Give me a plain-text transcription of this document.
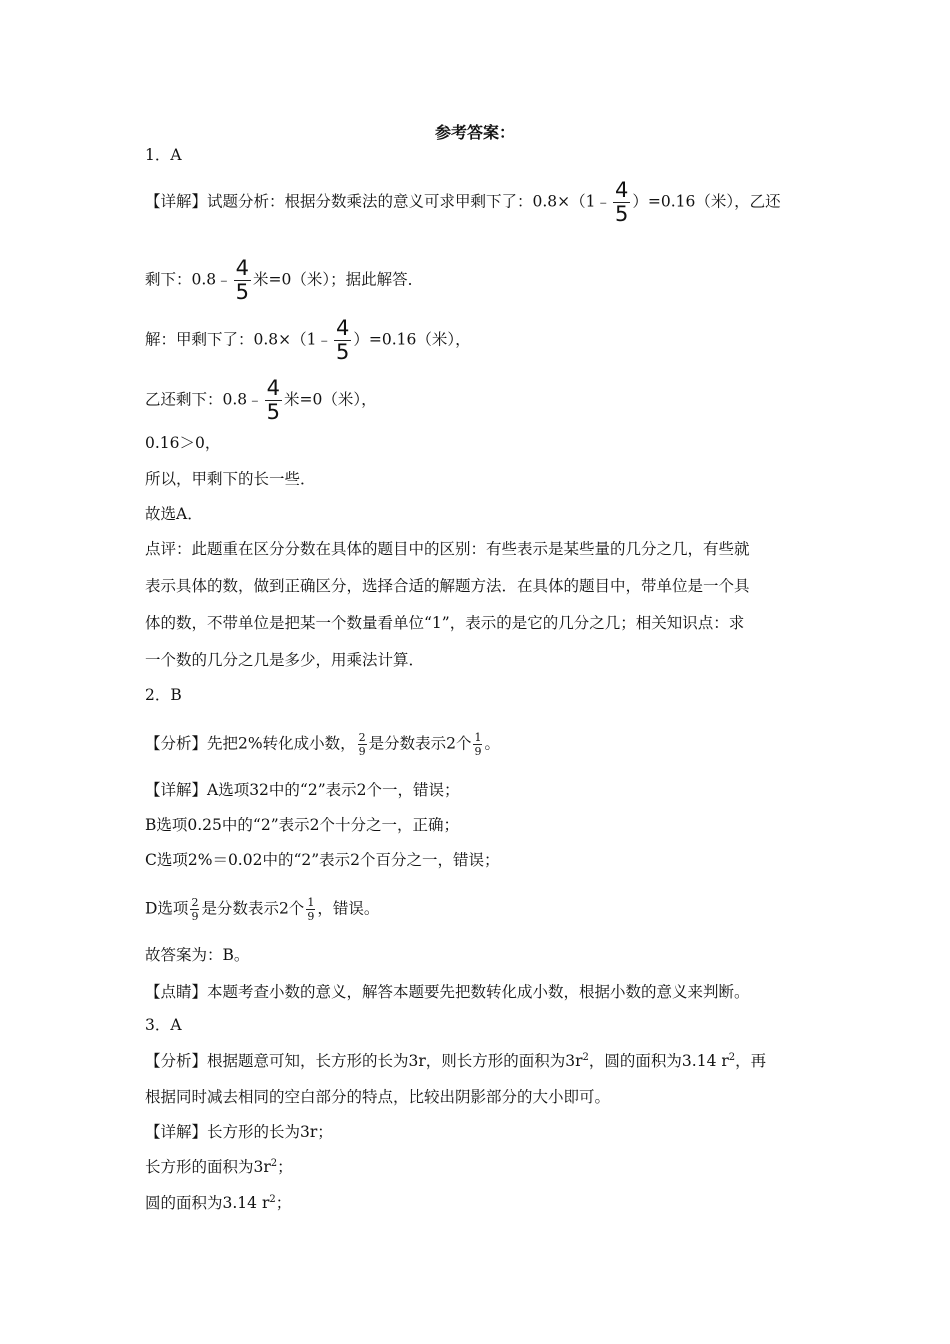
参考答案：
1．A
【详解】试题分析：根据分数乘法的意义可求甲剩下了：0.8×（1﹣ $\frac{4}{5} )=0.16$（米），乙还
剩下：0.8﹣ $\frac{4}{5}$ 米=0（米）；据此解答．
解：甲剩下了：0.8×（1﹣ $\frac{4}{5} )=0.16$（米），
乙还剩下：0.8﹣ $\frac{4}{5}$ 米=0（米），
0.16＞0，
所以，甲剩下的长一些．
故选A．
点评：此题重在区分分数在具体的题目中的区别：有些表示是某些量的几分之几，有些就
表示具体的数，做到正确区分，选择合适的解题方法．在具体的题目中，带单位是一个具
体的数，不带单位是把某一个数量看单位“1”，表示的是它的几分之几；相关知识点：求
一个数的几分之几是多少，用乘法计算．
2．B
【分析】先把2%转化成小数， $\frac{2}{9}$ 是分数表示2个 $\frac{1}{9}$ 。
【详解】A选项32中的“2”表示2个一，错误；
B选项0.25中的“2”表示2个十分之一，正确；
C选项2%＝0.02中的“2”表示2个百分之一，错误；
D选项 $\frac{2}{9}$ 是分数表示2个 $\frac{1}{9}$ ，错误。
故答案为：B。
【点睛】本题考查小数的意义，解答本题要先把数转化成小数，根据小数的意义来判断。
3．A
【分析】根据题意可知，长方形的长为3r，则长方形的面积为$3r^2$，圆的面积为3.14 $r^2$，再
根据同时减去相同的空白部分的特点，比较出阴影部分的大小即可。
【详解】长方形的长为3r；
长方形的面积为$3r^2$；
圆的面积为3.14 $r^2$；
